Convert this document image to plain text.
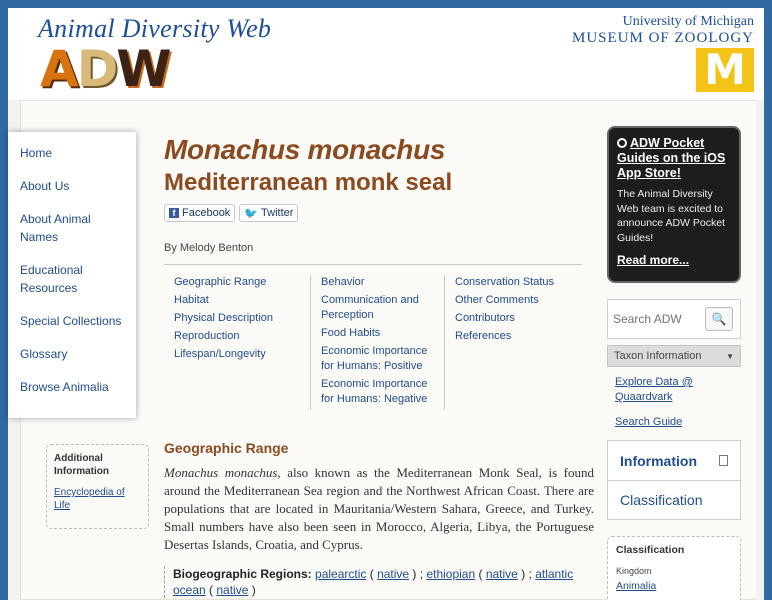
Animal Diversity Web
A D W
University of Michigan
MUSEUM OF ZOOLOGY
M
Home
About Us
About Animal Names
Educational Resources
Special Collections
Glossary
Browse Animalia
Additional Information
Encyclopedia of Life
Monachus monachus
Mediterranean monk seal
f Facebook 🐦 Twitter
By Melody Benton
Geographic Range
Habitat
Physical Description
Reproduction
Lifespan/Longevity
Behavior
Communication and Perception
Food Habits
Economic Importance for Humans: Positive
Economic Importance for Humans: Negative
Conservation Status
Other Comments
Contributors
References
Geographic Range

Monachus monachus, also known as the Mediterranean Monk Seal, is found around the Mediterranean Sea region and the Northwest African Coast. There are populations that are located in Mauritania/Western Sahara, Greece, and Turkey. Small numbers have also been seen in Morocco, Algeria, Libya, the Portuguese Desertas Islands, Croatia, and Cyprus.

Biogeographic Regions: palearctic ( native ) ; ethiopian ( native ) ; atlantic ocean ( native )
ADW Pocket Guides on the iOS App Store!
The Animal Diversity Web team is excited to announce ADW Pocket Guides!
Read more...
Search ADW
🔍
Taxon Information	▼
Explore Data @ Quaardvark
Search Guide
Information
Classification
Classification
Kingdom
Animalia
